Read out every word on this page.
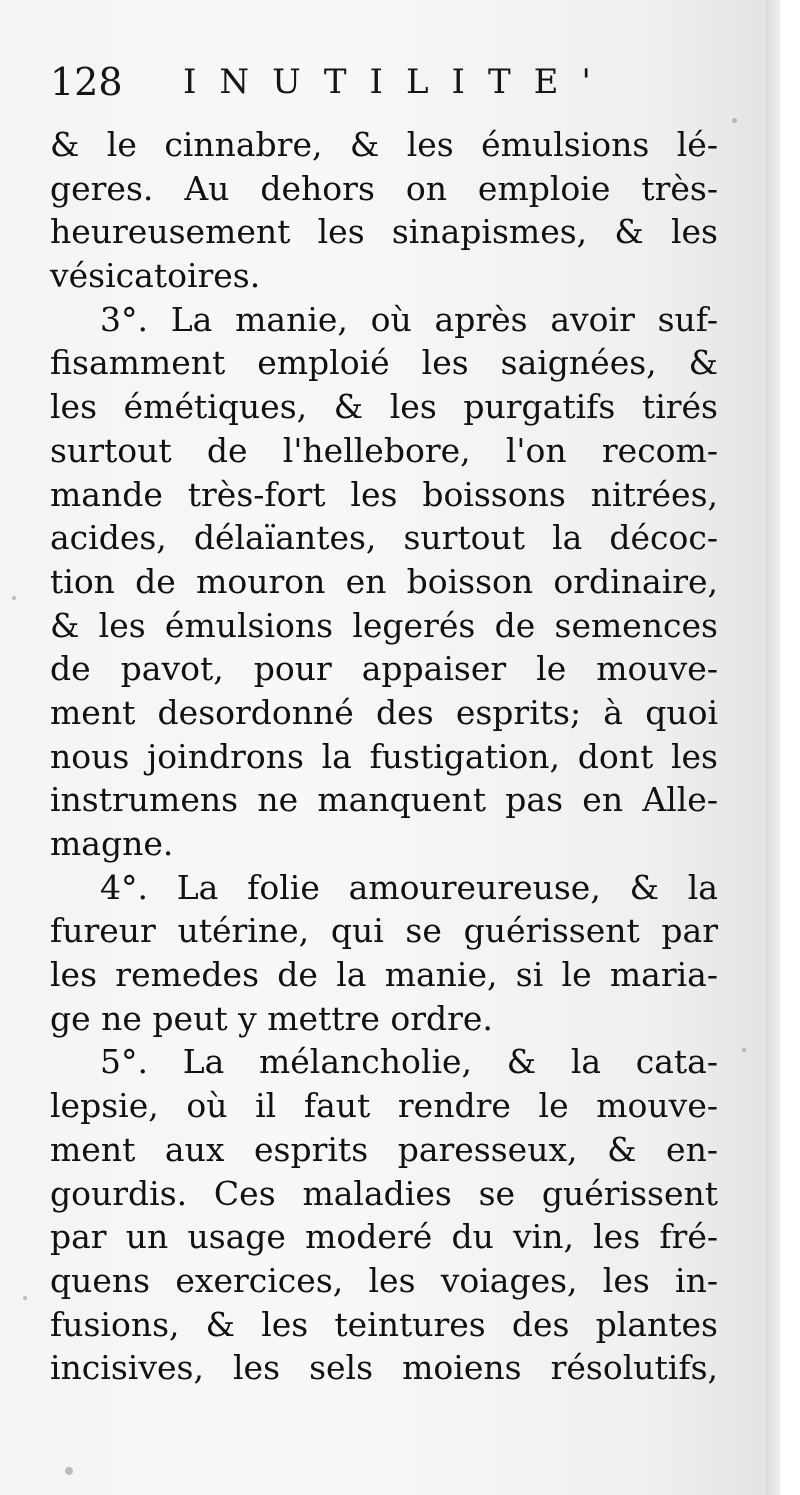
128 INUTILITE'
& le cinnabre, & les émulsions lé-
geres. Au dehors on emploie très-
heureusement les sinapismes, & les
vésicatoires.
3°. La manie, où après avoir suf-
fisamment emploié les saignées, &
les émétiques, & les purgatifs tirés
surtout de l'hellebore, l'on recom-
mande très-fort les boissons nitrées,
acides, délaïantes, surtout la décoc-
tion de mouron en boisson ordinaire,
& les émulsions legerés de semences
de pavot, pour appaiser le mouve-
ment desordonné des esprits; à quoi
nous joindrons la fustigation, dont les
instrumens ne manquent pas en Alle-
magne.
4°. La folie amoureureuse, & la
fureur utérine, qui se guérissent par
les remedes de la manie, si le maria-
ge ne peut y mettre ordre.
5°. La mélancholie, & la cata-
lepsie, où il faut rendre le mouve-
ment aux esprits paresseux, & en-
gourdis. Ces maladies se guérissent
par un usage moderé du vin, les fré-
quens exercices, les voiages, les in-
fusions, & les teintures des plantes
incisives, les sels moiens résolutifs,
